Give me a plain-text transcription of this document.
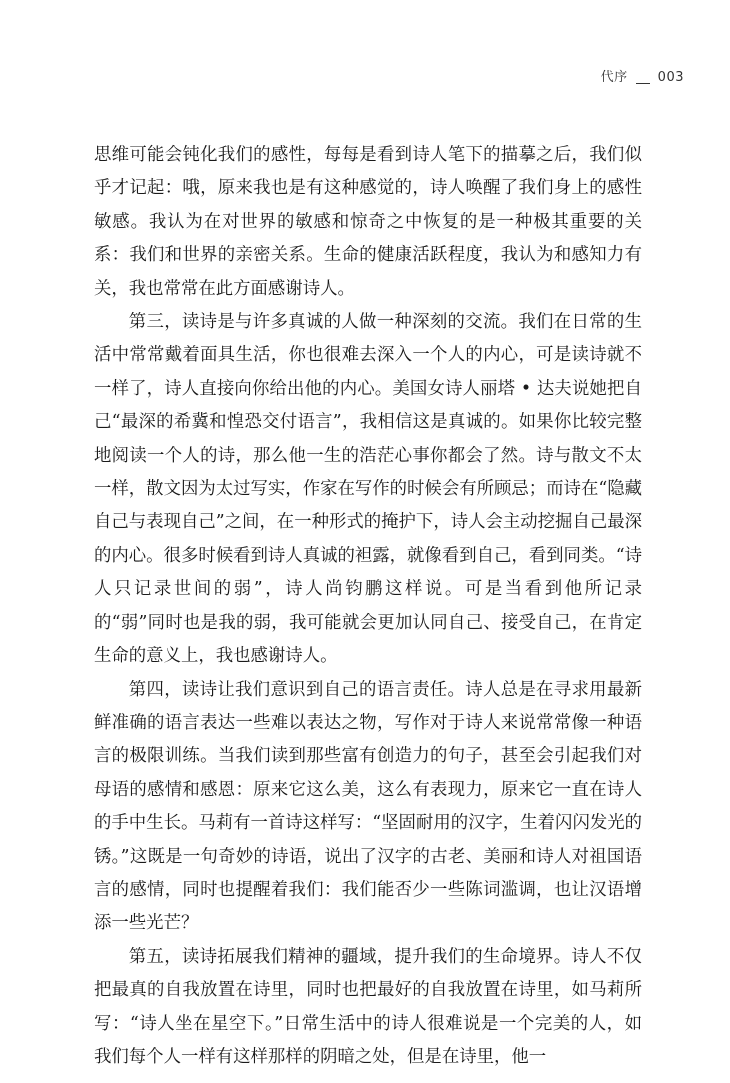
代序 003

思维可能会钝化我们的感性，每每是看到诗人笔下的描摹之后，我们似乎才记起：哦，原来我也是有这种感觉的，诗人唤醒了我们身上的感性敏感。我认为在对世界的敏感和惊奇之中恢复的是一种极其重要的关系：我们和世界的亲密关系。生命的健康活跃程度，我认为和感知力有关，我也常常在此方面感谢诗人。

第三，读诗是与许多真诚的人做一种深刻的交流。我们在日常的生活中常常戴着面具生活，你也很难去深入一个人的内心，可是读诗就不一样了，诗人直接向你给出他的内心。美国女诗人丽塔 • 达夫说她把自己“最深的希冀和惶恐交付语言”，我相信这是真诚的。如果你比较完整地阅读一个人的诗，那么他一生的浩茫心事你都会了然。诗与散文不太一样，散文因为太过写实，作家在写作的时候会有所顾忌；而诗在“隐藏自己与表现自己”之间，在一种形式的掩护下，诗人会主动挖掘自己最深的内心。很多时候看到诗人真诚的袒露，就像看到自己，看到同类。“诗人只记录世间的弱”，诗人尚钧鹏这样说。可是当看到他所记录的“弱”同时也是我的弱，我可能就会更加认同自己、接受自己，在肯定生命的意义上，我也感谢诗人。

第四，读诗让我们意识到自己的语言责任。诗人总是在寻求用最新鲜准确的语言表达一些难以表达之物，写作对于诗人来说常常像一种语言的极限训练。当我们读到那些富有创造力的句子，甚至会引起我们对母语的感情和感恩：原来它这么美，这么有表现力，原来它一直在诗人的手中生长。马莉有一首诗这样写：“坚固耐用的汉字，生着闪闪发光的锈。”这既是一句奇妙的诗语，说出了汉字的古老、美丽和诗人对祖国语言的感情，同时也提醒着我们：我们能否少一些陈词滥调，也让汉语增添一些光芒？

第五，读诗拓展我们精神的疆域，提升我们的生命境界。诗人不仅把最真的自我放置在诗里，同时也把最好的自我放置在诗里，如马莉所写：“诗人坐在星空下。”日常生活中的诗人很难说是一个完美的人，如我们每个人一样有这样那样的阴暗之处，但是在诗里，他一
